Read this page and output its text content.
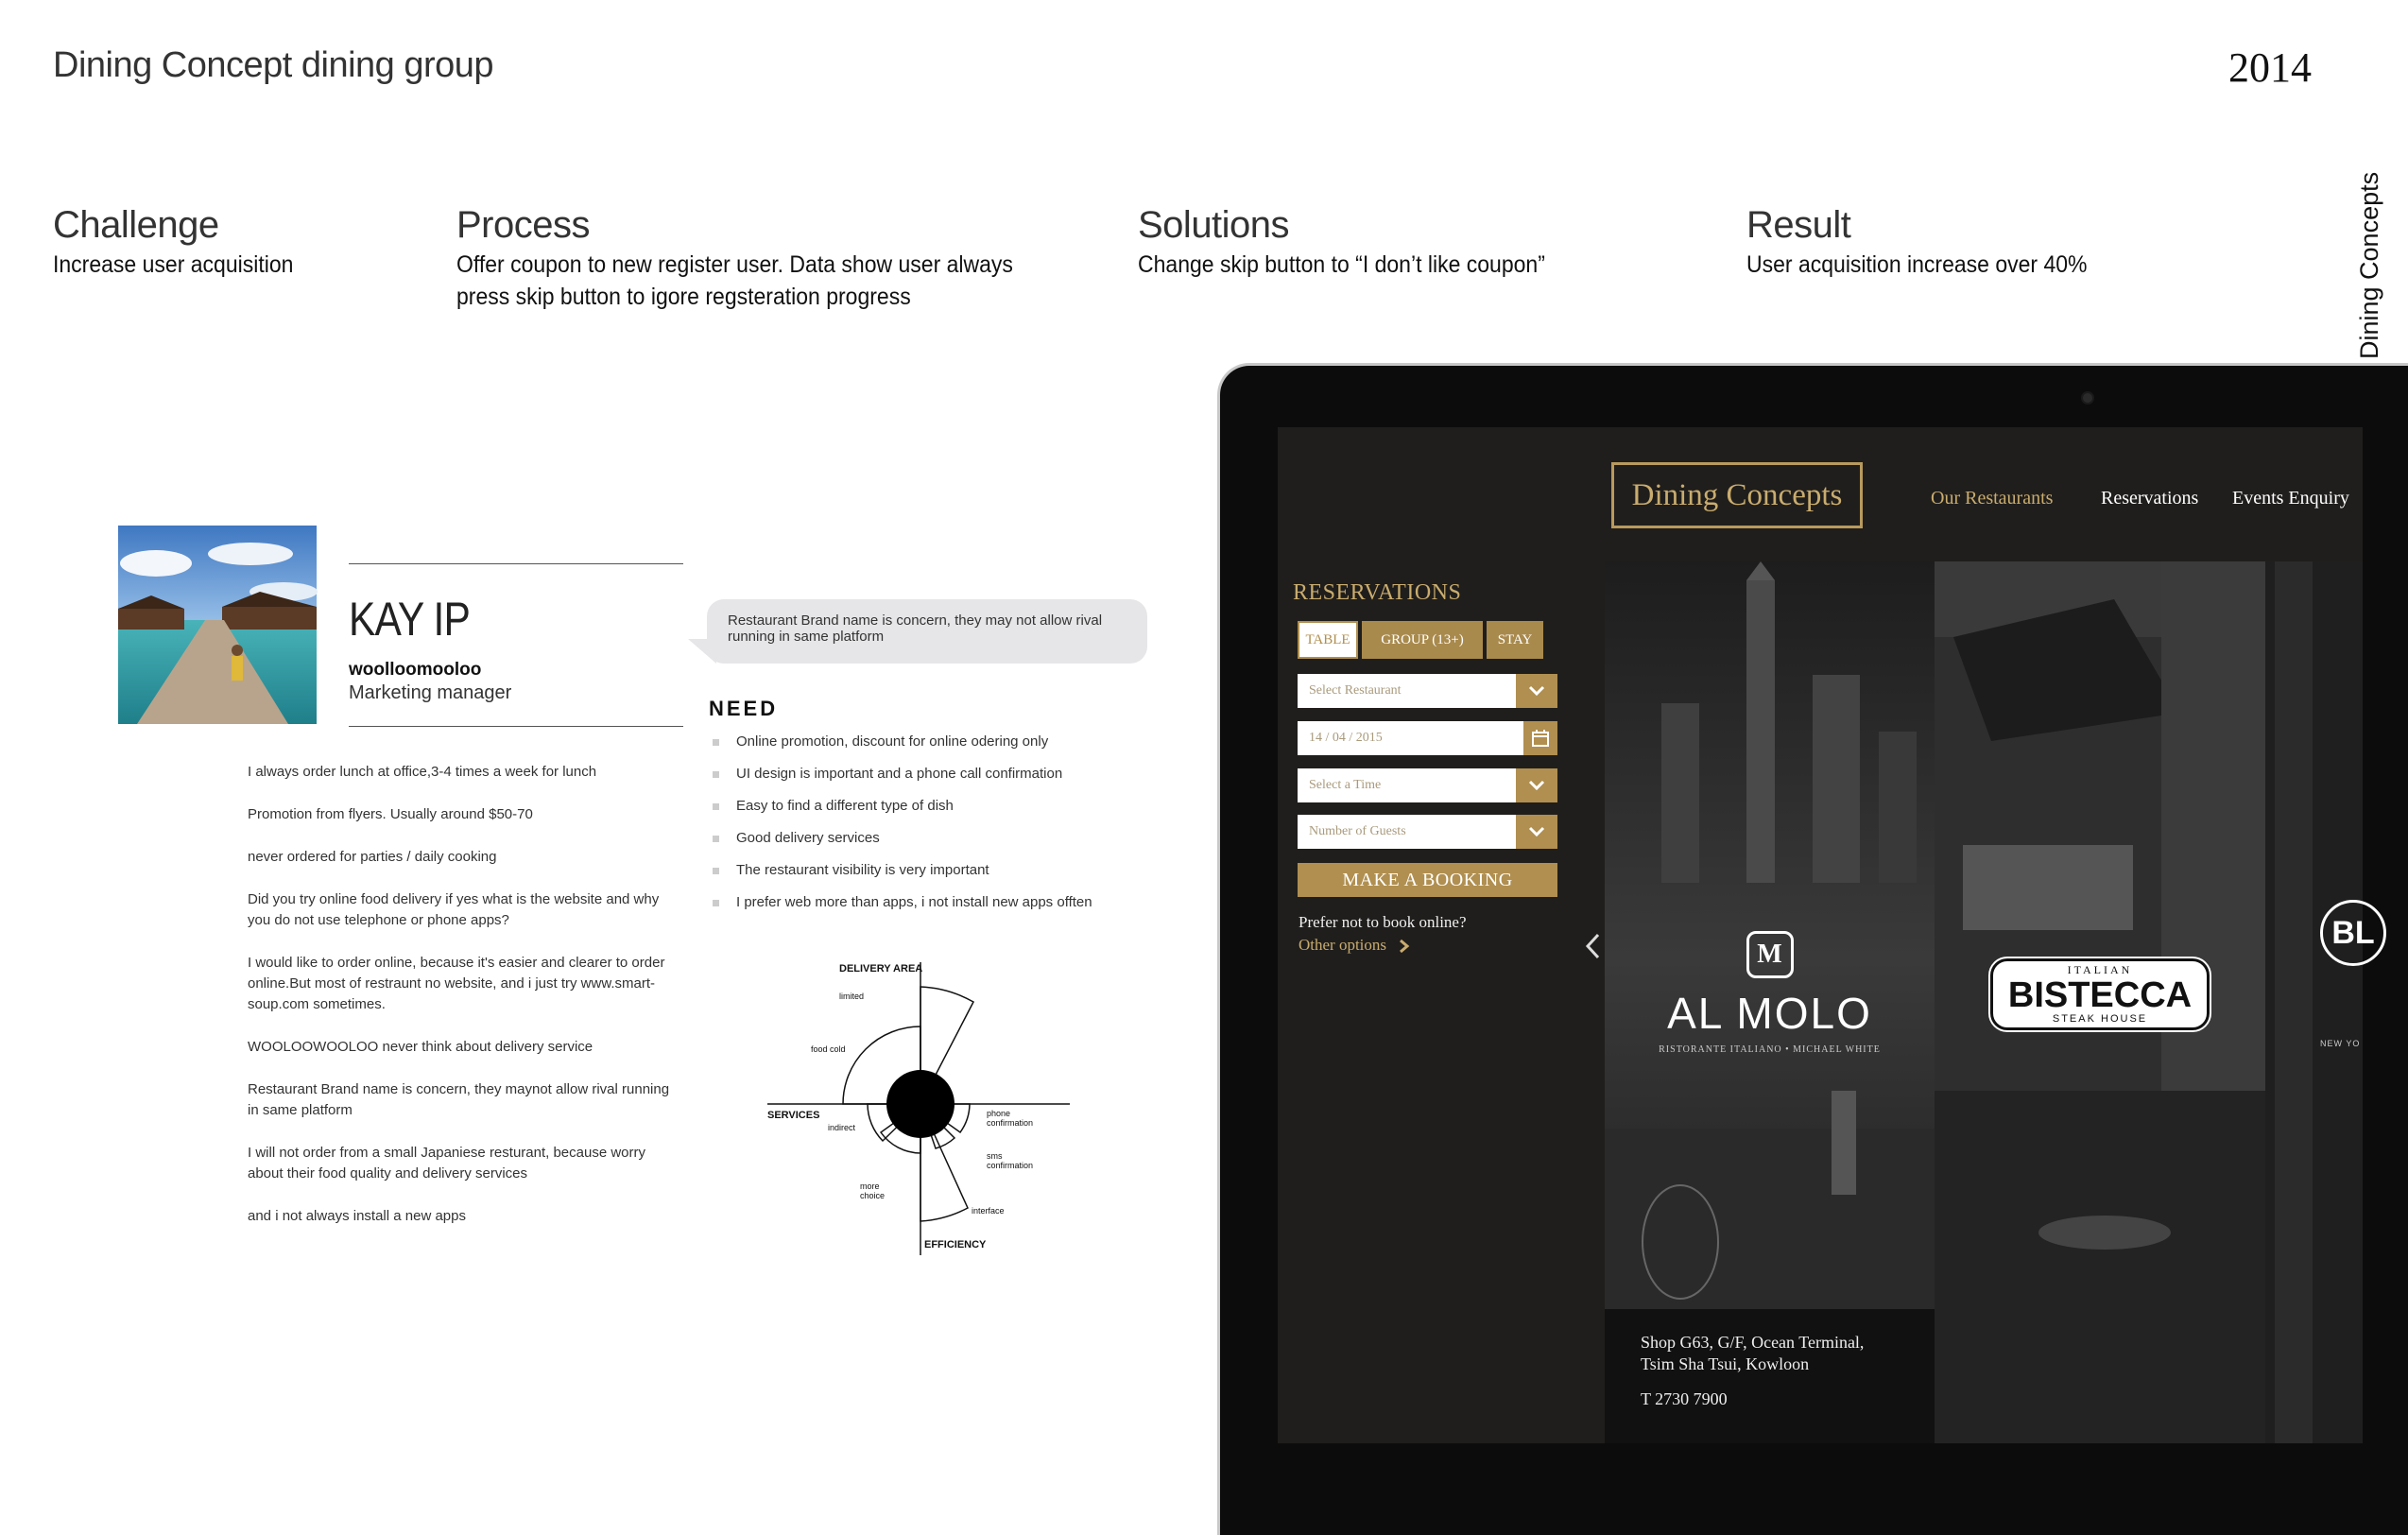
Dining Concept dining group	2014
Dining Concepts
Challenge
Increase user acquisition
Process
Offer coupon to new register user. Data show user always press skip button to igore regsteration progress
Solutions
Change skip button to “I don’t like coupon”
Result
User acquisition increase over 40%
KAY IP
woolloomooloo
Marketing manager

I always order lunch at office,3-4 times a week for lunch

Promotion from flyers. Usually around $50-70

never ordered for parties / daily cooking

Did you try online food delivery if yes what is the website and why you do not use telephone or phone apps?

I would like to order online, because it's easier and clearer to order online.But most of restraunt no website, and i just try www.smart-soup.com sometimes.

WOOLOOWOOLOO never think about delivery service

Restaurant Brand name is concern, they maynot allow rival running in same platform

I will not order from a small Japaniese resturant, because worry about their food quality and delivery services

and i not always install a new apps

Restaurant Brand name is concern, they may not allow rival running in same platform
NEED
Online promotion, discount for online odering only
UI design is important and a phone call confirmation
Easy to find a different type of dish
Good delivery services
The restaurant visibility is very important
I prefer web more than apps, i not install new apps offten
DELIVERY AREA
SERVICES
EFFICIENCY
limited
food cold
indirect
phone
confirmation
sms
confirmation
more
choice
interface
M
AL MOLO
RISTORANTE ITALIANO • MICHAEL WHITE
ITALIAN
BISTECCA
STEAK HOUSE
BL
NEW YO
Dining Concepts	Our Restaurants	Reservations Events Enquiry
RESERVATIONS
TABLE	GROUP (13+)	STAY
Select Restaurant
14 / 04 / 2015
Select a Time
Number of Guests
MAKE A BOOKING
Prefer not to book online?
Other options
Shop G63, G/F, Ocean Terminal,
Tsim Sha Tsui, Kowloon
T 2730 7900
